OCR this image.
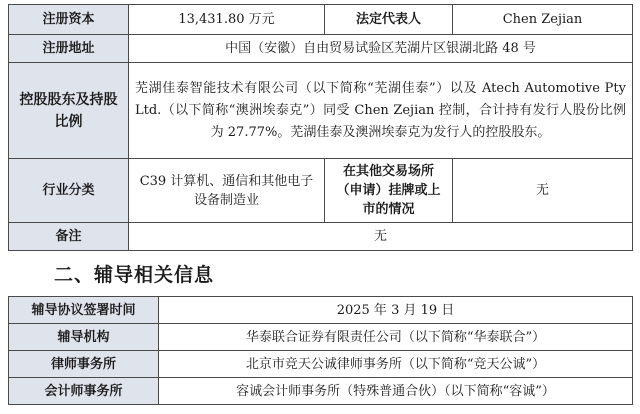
注册资本	13,431.80 万元	法定代表人	Chen Zejian
注册地址	中国（安徽）自由贸易试验区芜湖片区银湖北路 48 号		
控股股东及持股比例	芜湖佳泰智能技术有限公司（以下简称“芜湖佳泰”）以及 Atech Automotive Pty Ltd.（以下简称“澳洲埃泰克”）同受 Chen Zejian 控制，合计持有发行人股份比例为 27.77%。芜湖佳泰及澳洲埃泰克为发行人的控股股东。		
行业分类	C39 计算机、通信和其他电子设备制造业	在其他交易场所（申请）挂牌或上市的情况	无
备注	无		
二、辅导相关信息
辅导协议签署时间	2025 年 3 月 19 日
辅导机构	华泰联合证券有限责任公司（以下简称“华泰联合”）
律师事务所	北京市竞天公诚律师事务所（以下简称“竞天公诚”）
会计师事务所	容诚会计师事务所（特殊普通合伙）（以下简称“容诚”）
